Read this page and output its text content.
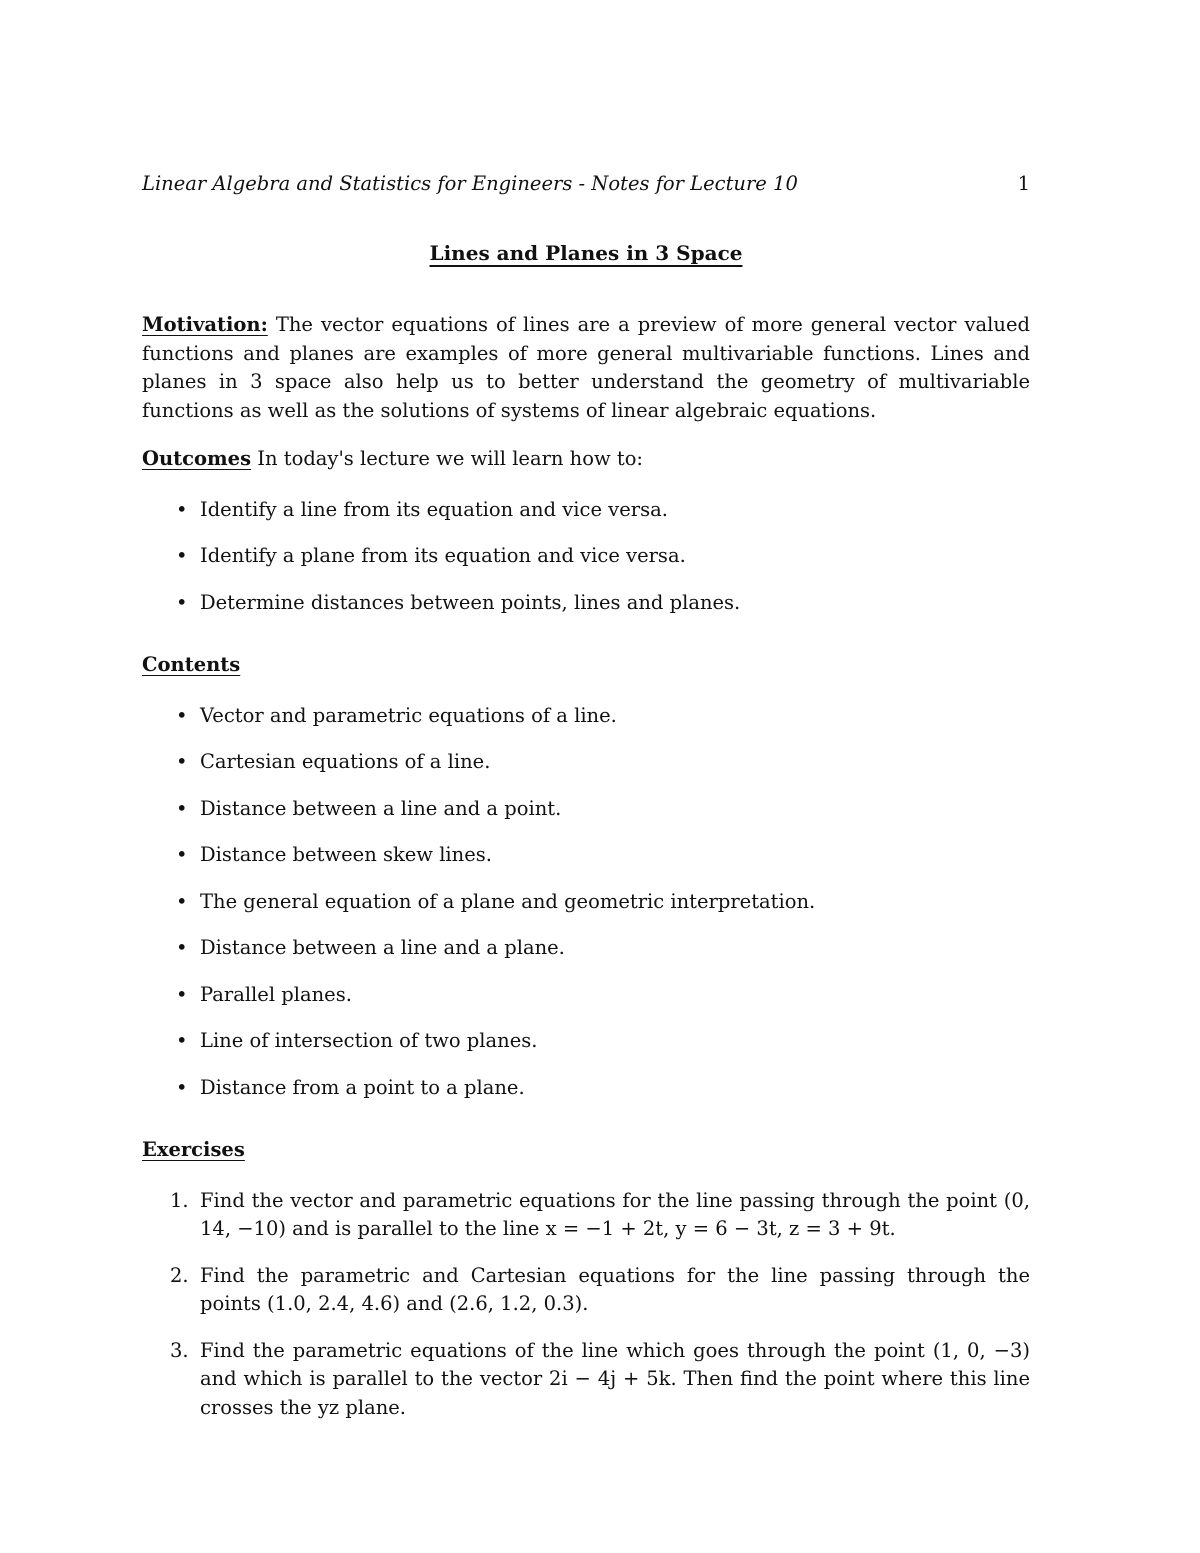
Linear Algebra and Statistics for Engineers - Notes for Lecture 10	1
Lines and Planes in 3 Space

Motivation: The vector equations of lines are a preview of more general vector valued functions and planes are examples of more general multivariable functions. Lines and planes in 3 space also help us to better understand the geometry of multivariable functions as well as the solutions of systems of linear algebraic equations.

Outcomes In today's lecture we will learn how to:

• Identify a line from its equation and vice versa.
• Identify a plane from its equation and vice versa.
• Determine distances between points, lines and planes.
Contents
• Vector and parametric equations of a line.
• Cartesian equations of a line.
• Distance between a line and a point.
• Distance between skew lines.
• The general equation of a plane and geometric interpretation.
• Distance between a line and a plane.
• Parallel planes.
• Line of intersection of two planes.
• Distance from a point to a plane.
Exercises
1. Find the vector and parametric equations for the line passing through the point (0, 14, −10) and is parallel to the line x = −1 + 2t, y = 6 − 3t, z = 3 + 9t.
2. Find the parametric and Cartesian equations for the line passing through the points (1.0, 2.4, 4.6) and (2.6, 1.2, 0.3).
3. Find the parametric equations of the line which goes through the point (1, 0, −3) and which is parallel to the vector 2i − 4j + 5k. Then find the point where this line crosses the yz plane.
